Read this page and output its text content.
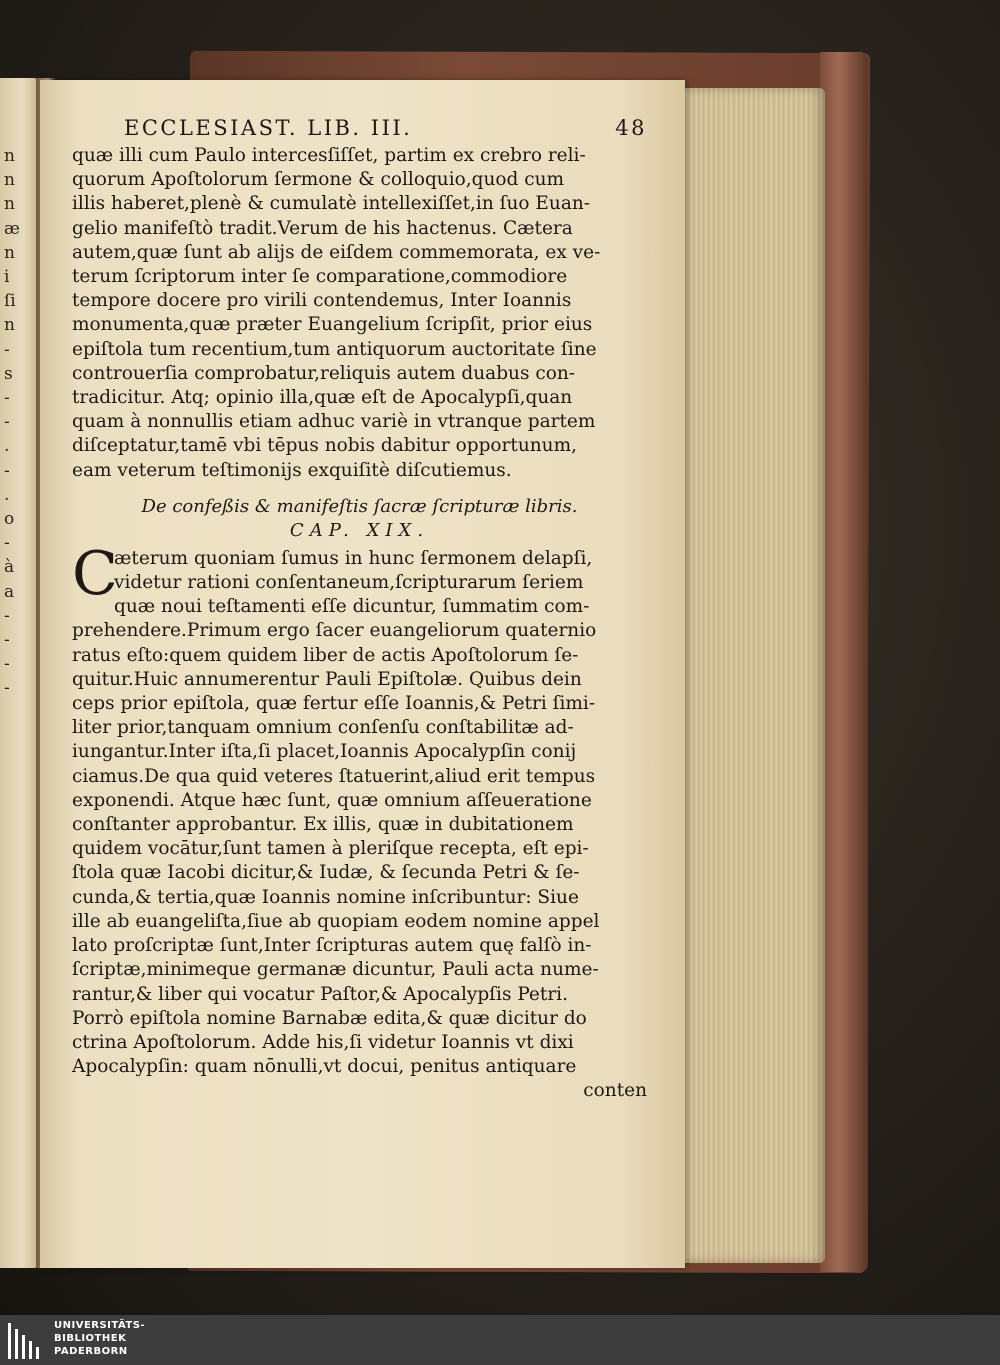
n
n
n
æ
n
i
ſi
n
-
s
-
-
.
-
.
o
-
à
a
-
-
-
-
ECCLESIAST. LIB. III.	48
quæ illi cum Paulo intercesſiſſet, partim ex crebro reli-
quorum Apoſtolorum ſermone & colloquio,quod cum
illis haberet,plenè & cumulatè intellexiſſet,in ſuo Euan-
gelio manifeſtò tradit.Verum de his hactenus. Cætera
autem,quæ ſunt ab alijs de eiſdem commemorata, ex ve-
terum ſcriptorum inter ſe comparatione,commodiore
tempore docere pro virili contendemus, Inter Ioannis
monumenta,quæ præter Euangelium ſcripſit, prior eius
epiſtola tum recentium,tum antiquorum auctoritate ſine
controuerſia comprobatur,reliquis autem duabus con-
tradicitur. Atq; opinio illa,quæ eſt de Apocalypſi,quan
quam à nonnullis etiam adhuc variè in vtranque partem
diſceptatur,tamē vbi tēpus nobis dabitur opportunum,
eam veterum teſtimonijs exquiſitè diſcutiemus.
De confeßis & manifeſtis ſacræ ſcripturæ libris.
CAP. XIX.
C
æterum quoniam ſumus in hunc ſermonem delapſi,
videtur rationi conſentaneum,ſcripturarum ſeriem
quæ noui teſtamenti eſſe dicuntur, ſummatim com-
prehendere.Primum ergo ſacer euangeliorum quaternio
ratus eſto:quem quidem liber de actis Apoſtolorum ſe-
quitur.Huic annumerentur Pauli Epiſtolæ. Quibus dein
ceps prior epiſtola, quæ fertur eſſe Ioannis,& Petri ſimi-
liter prior,tanquam omnium conſenſu conſtabilitæ ad-
iungantur.Inter iſta,ſi placet,Ioannis Apocalypſin conij
ciamus.De qua quid veteres ſtatuerint,aliud erit tempus
exponendi. Atque hæc ſunt, quæ omnium aſſeueratione
conſtanter approbantur. Ex illis, quæ in dubitationem
quidem vocātur,ſunt tamen à pleriſque recepta, eſt epi-
ſtola quæ Iacobi dicitur,& Iudæ, & ſecunda Petri & ſe-
cunda,& tertia,quæ Ioannis nomine inſcribuntur: Siue
ille ab euangeliſta,ſiue ab quopiam eodem nomine appel
lato proſcriptæ ſunt,Inter ſcripturas autem quę falſò in-
ſcriptæ,minimeque germanæ dicuntur, Pauli acta nume-
rantur,& liber qui vocatur Paſtor,& Apocalypſis Petri.
Porrò epiſtola nomine Barnabæ edita,& quæ dicitur do
ctrina Apoſtolorum. Adde his,ſi videtur Ioannis vt dixi
Apocalypſin: quam nōnulli,vt docui, penitus antiquare
conten
UNIVERSITÄTS-
BIBLIOTHEK
PADERBORN
